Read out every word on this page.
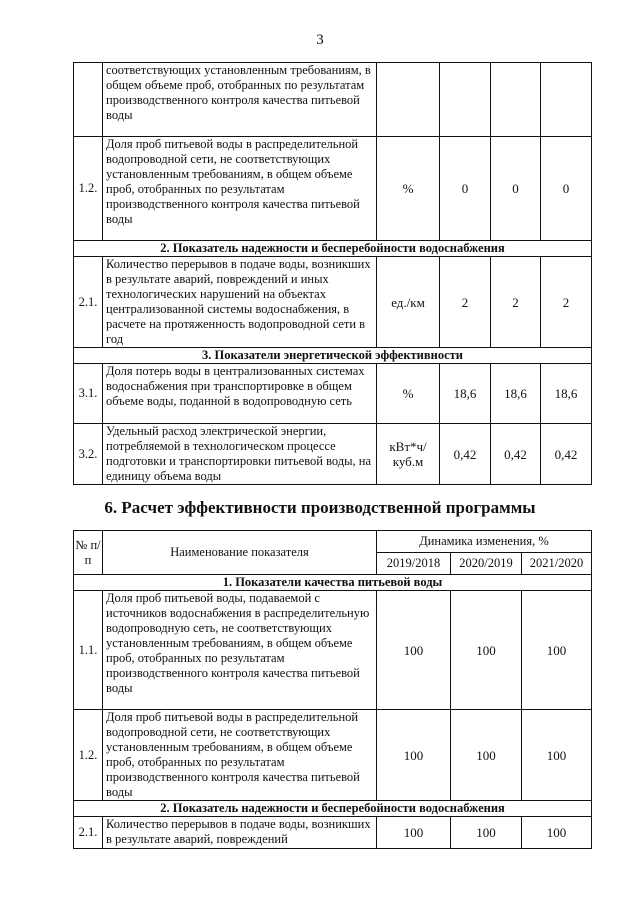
3
	соответствующих установленным требованиям, в общем объеме проб, отобранных по результатам производственного контроля качества питьевой воды				
1.2.	Доля проб питьевой воды в распределительной водопроводной сети, не соответствующих установленным требованиям, в общем объеме проб, отобранных по результатам производственного контроля качества питьевой воды	%	0	0	0
2. Показатель надежности и бесперебойности водоснабжения					
2.1.	Количество перерывов в подаче воды, возникших в результате аварий, повреждений и иных технологических нарушений на объектах централизованной системы водоснабжения, в расчете на протяженность водопроводной сети в год	ед./км	2	2	2
3. Показатели энергетической эффективности					
3.1.	Доля потерь воды в централизованных системах водоснабжения при транспортировке в общем объеме воды, поданной в водопроводную сеть	%	18,6	18,6	18,6
3.2.	Удельный расход электрической энергии, потребляемой в технологическом процессе подготовки и транспортировки питьевой воды, на единицу объема воды	кВт*ч/ куб.м	0,42	0,42	0,42
6. Расчет эффективности производственной программы
№ п/п	Наименование показателя	Динамика изменения, %		
		2019/2018	2020/2019	2021/2020
1. Показатели качества питьевой воды				
1.1.	Доля проб питьевой воды, подаваемой с источников водоснабжения в распределительную водопроводную сеть, не соответствующих установленным требованиям, в общем объеме проб, отобранных по результатам производственного контроля качества питьевой воды	100	100	100
1.2.	Доля проб питьевой воды в распределительной водопроводной сети, не соответствующих установленным требованиям, в общем объеме проб, отобранных по результатам производственного контроля качества питьевой воды	100	100	100
2. Показатель надежности и бесперебойности водоснабжения				
2.1.	Количество перерывов в подаче воды, возникших в результате аварий, повреждений	100	100	100
